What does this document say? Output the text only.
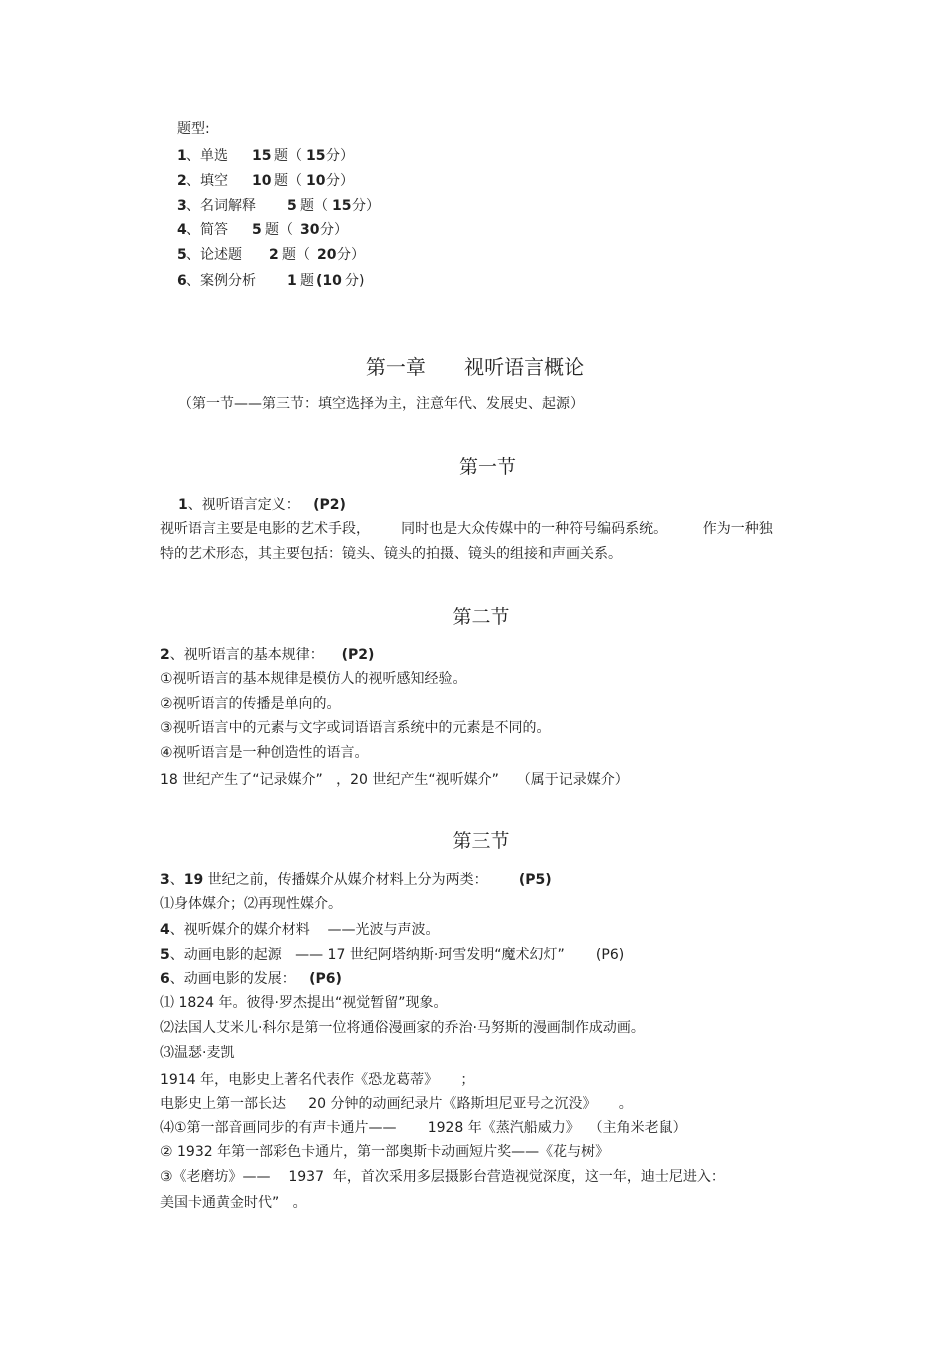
题型:
1 、单选 15 题（ 15 分）
2 、填空 10 题（ 10 分）
3 、名词解释 5 题（ 15 分）
4 、简答 5 题（ 30 分）
5 、论述题 2 题（ 20 分）
6 、案例分析 1 题 (10 分)
第一章      视听语言概论
（第一节——第三节：填空选择为主，注意年代、发展史、起源）
第一节
1、视听语言定义：   (P2)
视听语言主要是电影的艺术手段，       同时也是大众传媒中的一种符号编码系统。        作为一种独
特的艺术形态，其主要包括：镜头、镜头的拍摄、镜头的组接和声画关系。
第二节
2、视听语言的基本规律：    (P2)
①视听语言的基本规律是模仿人的视听感知经验。
②视听语言的传播是单向的。
③视听语言中的元素与文字或词语语言系统中的元素是不同的。
④视听语言是一种创造性的语言。
18 世纪产生了“记录媒介”   ，20 世纪产生“视听媒介”    （属于记录媒介）
第三节
3、19 世纪之前，传播媒介从媒介材料上分为两类：       (P5)
⑴身体媒介；⑵再现性媒介。
4、视听媒介的媒介材料    ——光波与声波。
5、动画电影的起源   —— 17 世纪阿塔纳斯·珂雪发明“魔术幻灯”       (P6)
6、动画电影的发展：   (P6)
⑴ 1824 年。彼得·罗杰提出“视觉暂留”现象。
⑵法国人艾米儿·科尔是第一位将通俗漫画家的乔治·马努斯的漫画制作成动画。
⑶温瑟·麦凯
1914 年，电影史上著名代表作《恐龙葛蒂》     ；
电影史上第一部长达     20 分钟的动画纪录片《路斯坦尼亚号之沉没》     。
⑷①第一部音画同步的有声卡通片——       1928 年《蒸汽船威力》  （主角米老鼠）
② 1932 年第一部彩色卡通片，第一部奥斯卡动画短片奖——《花与树》
③《老磨坊》——    1937  年，首次采用多层摄影台营造视觉深度，这一年，迪士尼进入：
美国卡通黄金时代”   。
